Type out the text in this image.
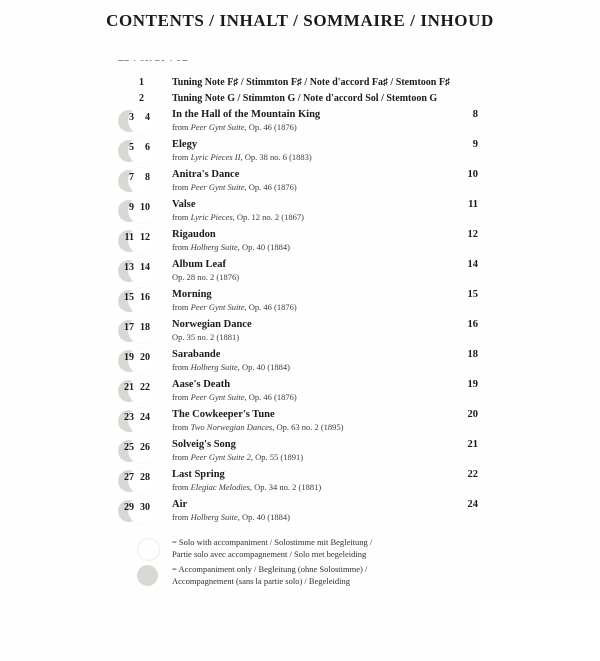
CONTENTS / INHALT / SOMMAIRE / INHOUD
1	Tuning Note F♯ / Stimmton F♯ / Note d'accord Fa♯ / Stemtoon F♯
2	Tuning Note G / Stimmton G / Note d'accord Sol / Stemtoon G
3	4 In the Hall of the Mountain King
from Peer Gynt Suite, Op. 46 (1876)
8
5	6 Elegy
from Lyric Pieces II, Op. 38 no. 6 (1883)
9
7	8 Anitra's Dance
from Peer Gynt Suite, Op. 46 (1876)
10
9 10 Valse
from Lyric Pieces, Op. 12 no. 2 (1867)
11
11 12 Rigaudon
from Holberg Suite, Op. 40 (1884)
12
13 14 Album Leaf
Op. 28 no. 2 (1876)
14
15 16 Morning
from Peer Gynt Suite, Op. 46 (1876)
15
17 18 Norwegian Dance
Op. 35 no. 2 (1881)
16
19 20 Sarabande
from Holberg Suite, Op. 40 (1884)
18
21 22 Aase's Death
from Peer Gynt Suite, Op. 46 (1876)
19
23 24 The Cowkeeper's Tune
from Two Norwegian Dances, Op. 63 no. 2 (1895)
20
25 26 Solveig's Song
from Peer Gynt Suite 2, Op. 55 (1891)
21
27 28 Last Spring
from Elegiac Melodies, Op. 34 no. 2 (1881)
22
29 30 Air
from Holberg Suite, Op. 40 (1884)
24
= Solo with accompaniment / Solostimme mit Begleitung /
Partie solo avec accompagnement / Solo met begeleiding
= Accompaniment only / Begleitung (ohne Solostimme) /
Accompagnement (sans la partie solo) / Begeleiding
